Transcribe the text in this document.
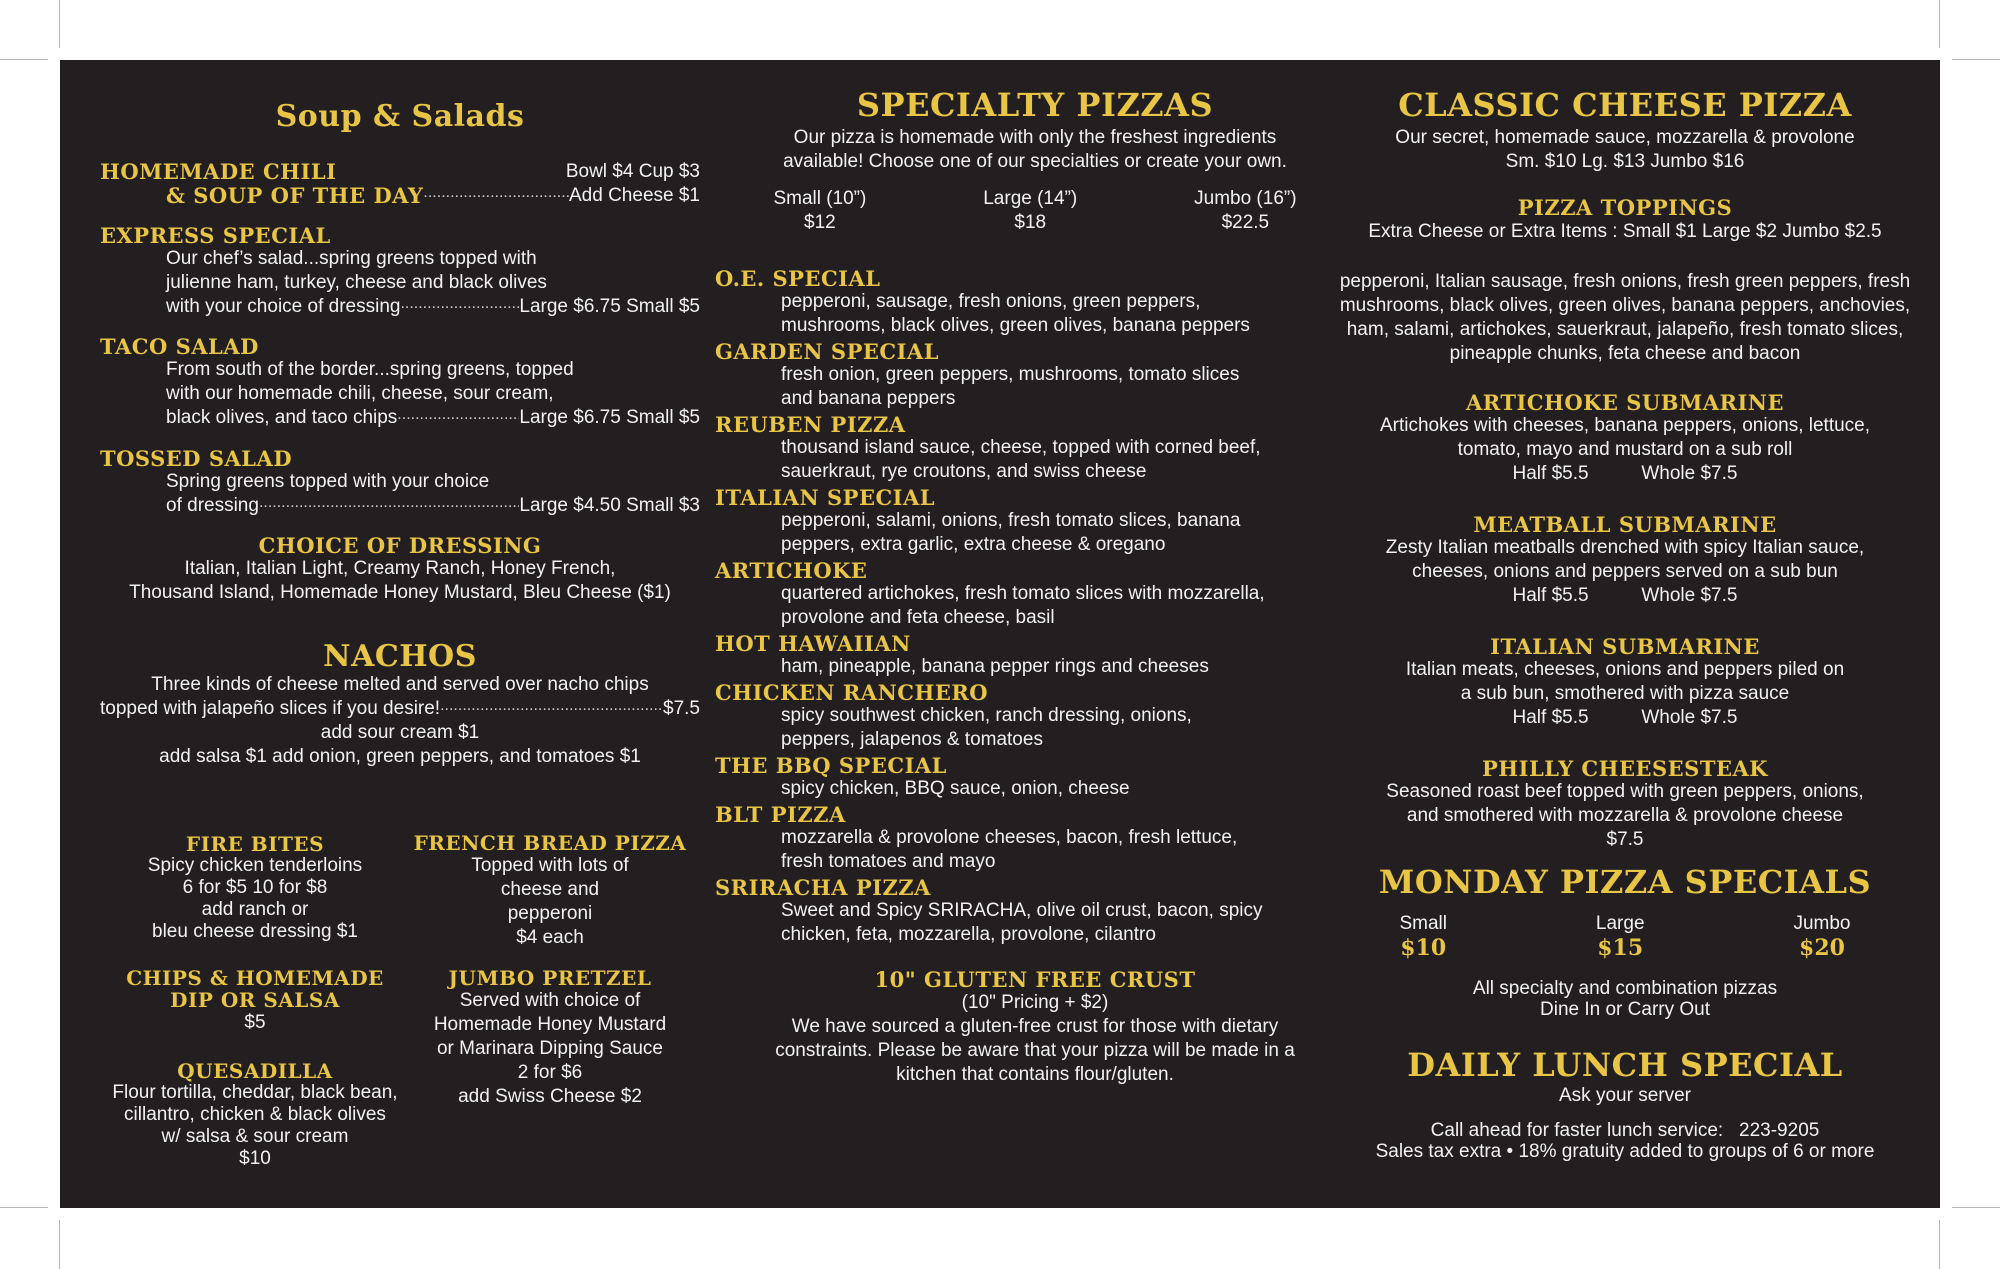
Soup & Salads
HOMEMADE CHILI	Bowl $4 Cup $3
& SOUP OF THE DAY .....	Add Cheese $1
EXPRESS SPECIAL
Our chef’s salad...spring greens topped with
julienne ham, turkey, cheese and black olives
with your choice of dressing .....	Large $6.75 Small $5
TACO SALAD
From south of the border...spring greens, topped
with our homemade chili, cheese, sour cream,
black olives, and taco chips .....	Large $6.75 Small $5
TOSSED SALAD
Spring greens topped with your choice
of dressing .....	Large $4.50 Small $3
CHOICE OF DRESSING
Italian, Italian Light, Creamy Ranch, Honey French,
Thousand Island, Homemade Honey Mustard, Bleu Cheese ($1)
NACHOS
Three kinds of cheese melted and served over nacho chips
topped with jalapeño slices if you desire! .....	$7.5
add sour cream $1
add salsa $1 add onion, green peppers, and tomatoes $1
FIRE BITES
Spicy chicken tenderloins
6 for $5 10 for $8
add ranch or
bleu cheese dressing $1
FRENCH BREAD PIZZA
Topped with lots of
cheese and
pepperoni
$4 each
CHIPS & HOMEMADE
DIP OR SALSA
$5
JUMBO PRETZEL
Served with choice of
Homemade Honey Mustard
or Marinara Dipping Sauce
2 for $6
add Swiss Cheese $2
QUESADILLA
Flour tortilla, cheddar, black bean,
cillantro, chicken & black olives
w/ salsa & sour cream
$10
SPECIALTY PIZZAS
Our pizza is homemade with only the freshest ingredients
available! Choose one of our specialties or create your own.
Small (10”)
$12
Large (14”)
$18
Jumbo (16”)
$22.5
O.E. SPECIAL
pepperoni, sausage, fresh onions, green peppers,
mushrooms, black olives, green olives, banana peppers
GARDEN SPECIAL
fresh onion, green peppers, mushrooms, tomato slices
and banana peppers
REUBEN PIZZA
thousand island sauce, cheese, topped with corned beef,
sauerkraut, rye croutons, and swiss cheese
ITALIAN SPECIAL
pepperoni, salami, onions, fresh tomato slices, banana
peppers, extra garlic, extra cheese & oregano
ARTICHOKE
quartered artichokes, fresh tomato slices with mozzarella,
provolone and feta cheese, basil
HOT HAWAIIAN
ham, pineapple, banana pepper rings and cheeses
CHICKEN RANCHERO
spicy southwest chicken, ranch dressing, onions,
peppers, jalapenos & tomatoes
THE BBQ SPECIAL
spicy chicken, BBQ sauce, onion, cheese
BLT PIZZA
mozzarella & provolone cheeses, bacon, fresh lettuce,
fresh tomatoes and mayo
SRIRACHA PIZZA
Sweet and Spicy SRIRACHA, olive oil crust, bacon, spicy
chicken, feta, mozzarella, provolone, cilantro
10" GLUTEN FREE CRUST
(10" Pricing + $2)
We have sourced a gluten-free crust for those with dietary
constraints. Please be aware that your pizza will be made in a
kitchen that contains flour/gluten.
CLASSIC CHEESE PIZZA
Our secret, homemade sauce, mozzarella & provolone
Sm. $10 Lg. $13 Jumbo $16
PIZZA TOPPINGS
Extra Cheese or Extra Items : Small $1 Large $2 Jumbo $2.5
pepperoni, Italian sausage, fresh onions, fresh green peppers, fresh
mushrooms, black olives, green olives, banana peppers, anchovies,
ham, salami, artichokes, sauerkraut, jalapeño, fresh tomato slices,
pineapple chunks, feta cheese and bacon
ARTICHOKE SUBMARINE
Artichokes with cheeses, banana peppers, onions, lettuce,
tomato, mayo and mustard on a sub roll
Half $5.5          Whole $7.5
MEATBALL SUBMARINE
Zesty Italian meatballs drenched with spicy Italian sauce,
cheeses, onions and peppers served on a sub bun
Half $5.5          Whole $7.5
ITALIAN SUBMARINE
Italian meats, cheeses, onions and peppers piled on
a sub bun, smothered with pizza sauce
Half $5.5          Whole $7.5
PHILLY CHEESESTEAK
Seasoned roast beef topped with green peppers, onions,
and smothered with mozzarella & provolone cheese
$7.5
MONDAY PIZZA SPECIALS
Small
$10
Large
$15
Jumbo
$20
All specialty and combination pizzas
Dine In or Carry Out
DAILY LUNCH SPECIAL
Ask your server
Call ahead for faster lunch service:   223-9205
Sales tax extra • 18% gratuity added to groups of 6 or more
